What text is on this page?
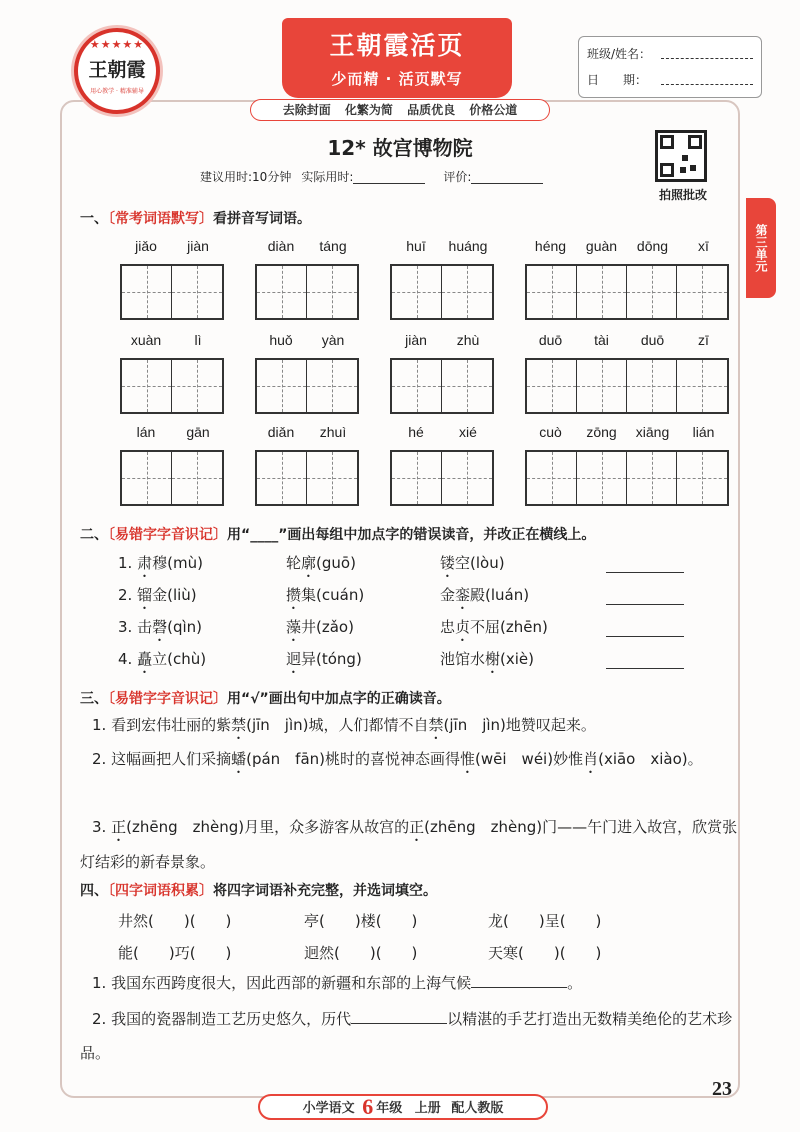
★★★★★
王朝霞
用心教学 · 精准辅导
王朝霞活页
少而精 · 活页默写
去除封面 化繁为简 品质优良 价格公道
班级/姓名：
日　　期：
第三单元
12* 故宫博物院
建议用时:10分钟 实际用时:	评价:
拍照批改
一、〔常考词语默写〕看拼音写词语。
jiǎo	jiàn	diàn	táng	huī	huáng	héng	guàn	dōng	xī
xuàn	lì	huǒ	yàn	jiàn	zhù	duō	tài	duō	zī
lán	gān	diǎn	zhuì	hé	xié	cuò	zōng	xiāng	lián
二、〔易错字字音识记〕用“____”画出每组中加点字的错误读音，并改正在横线上。
1. 肃穆(mù)	轮廓(guō)	镂空(lòu)
2. 镏金(liù)	攒集(cuán)	金銮殿(luán)
3. 击磬(qìn)	藻井(zǎo)	忠贞不屈(zhēn)
4. 矗立(chù)	迥异(tóng)	池馆水榭(xiè)
三、〔易错字字音识记〕用“√”画出句中加点字的正确读音。
1. 看到宏伟壮丽的紫禁(jīn　jìn)城，人们都情不自禁(jīn　jìn)地赞叹起来。
2. 这幅画把人们采摘蟠(pán　fān)桃时的喜悦神态画得惟(wēi　wéi)妙惟肖(xiāo　xiào)。
3. 正(zhēng　zhèng)月里，众多游客从故宫的正(zhēng　zhèng)门——午门进入故宫，欣赏张灯结彩的新春景象。
四、〔四字词语积累〕将四字词语补充完整，并选词填空。
井然(　　)(　　)	亭(　　)楼(　　)	龙(　　)呈(　　)
能(　　)巧(　　)	迥然(　　)(　　)	天寒(　　)(　　)
1. 我国东西跨度很大，因此西部的新疆和东部的上海气候	。
2. 我国的瓷器制造工艺历史悠久，历代	以精湛的手艺打造出无数精美绝伦的艺术珍品。
小学语文 6 年级 上册 配人教版
23
